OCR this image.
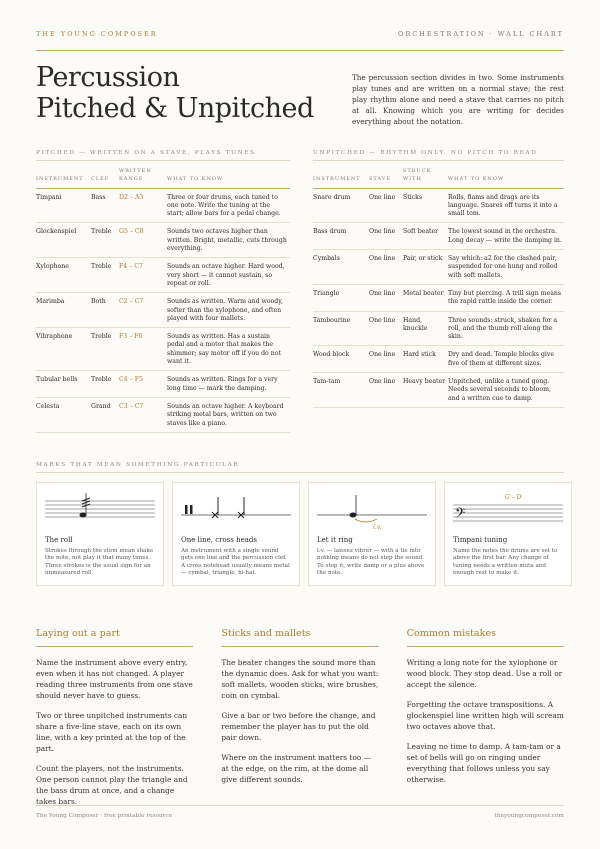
THE YOUNG COMPOSER	ORCHESTRATION · WALL CHART
Percussion
Pitched & Unpitched

The percussion section divides in two. Some instruments play tunes and are written on a normal stave; the rest play rhythm alone and need a stave that carries no pitch at all. Knowing which you are writing for decides everything about the notation.

PITCHED — WRITTEN ON A STAVE, PLAYS TUNES
INSTRUMENT	CLEF	WRITTEN RANGE	WHAT TO KNOW
Timpani	Bass	D2 – A3	Three or four drums, each tuned to one note. Write the tuning at the start; allow bars for a pedal change.
Glockenspiel	Treble	G5 – C8	Sounds two octaves higher than written. Bright, metallic, cuts through everything.
Xylophone	Treble	F4 – C7	Sounds an octave higher. Hard wood, very short — it cannot sustain, so repeat or roll.
Marimba	Both	C2 – C7	Sounds as written. Warm and woody, softer than the xylophone, and often played with four mallets.
Vibraphone	Treble	F3 – F6	Sounds as written. Has a sustain pedal and a motor that makes the shimmer; say motor off if you do not want it.
Tubular bells	Treble	C4 – F5	Sounds as written. Rings for a very long time — mark the damping.
Celesta	Grand	C3 – C7	Sounds an octave higher. A keyboard striking metal bars, written on two staves like a piano.
UNPITCHED — RHYTHM ONLY, NO PITCH TO READ
INSTRUMENT	STAVE	STRUCK WITH	WHAT TO KNOW
Snare drum	One line	Sticks	Rolls, flams and drags are its language. Snares off turns it into a small tom.
Bass drum	One line	Soft beater	The lowest sound in the orchestra. Long decay — write the damping in.
Cymbals	One line	Pair, or stick	Say which: a2 for the clashed pair, suspended for one hung and rolled with soft mallets.
Triangle	One line	Metal beater	Tiny but piercing. A trill sign means the rapid rattle inside the corner.
Tambourine	One line	Hand, knuckle	Three sounds: struck, shaken for a roll, and the thumb roll along the skin.
Wood block	One line	Hard stick	Dry and dead. Temple blocks give five of them at different sizes.
Tam-tam	One line	Heavy beater	Unpitched, unlike a tuned gong. Needs several seconds to bloom, and a written cue to damp.
MARKS THAT MEAN SOMETHING PARTICULAR
The roll
Strokes through the stem mean shake the note, not play it that many times. Three strokes is the usual sign for an unmeasured roll.
One line, cross heads
An instrument with a single sound gets one line and the percussion clef. A cross notehead usually means metal — cymbal, triangle, hi-hat.
l.v.
Let it ring
l.v. — laissez vibrer — with a tie into nothing means do not stop the sound. To stop it, write damp or a plus above the note.
𝄢
G – D
Timpani tuning
Name the notes the drums are set to above the first bar. Any change of tuning needs a written muta and enough rest to make it.
Laying out a part

Name the instrument above every entry, even when it has not changed. A player reading three instruments from one stave should never have to guess.

Two or three unpitched instruments can share a five-line stave, each on its own line, with a key printed at the top of the part.

Count the players, not the instruments. One person cannot play the triangle and the bass drum at once, and a change takes bars.

Sticks and mallets

The beater changes the sound more than the dynamic does. Ask for what you want: soft mallets, wooden sticks, wire brushes, coin on cymbal.

Give a bar or two before the change, and remember the player has to put the old pair down.

Where on the instrument matters too — at the edge, on the rim, at the dome all give different sounds.

Common mistakes

Writing a long note for the xylophone or wood block. They stop dead. Use a roll or accept the silence.

Forgetting the octave transpositions. A glockenspiel line written high will scream two octaves above that.

Leaving no time to damp. A tam-tam or a set of bells will go on ringing under everything that follows unless you say otherwise.

The Young Composer · free printable resource	theyoungcomposer.com
